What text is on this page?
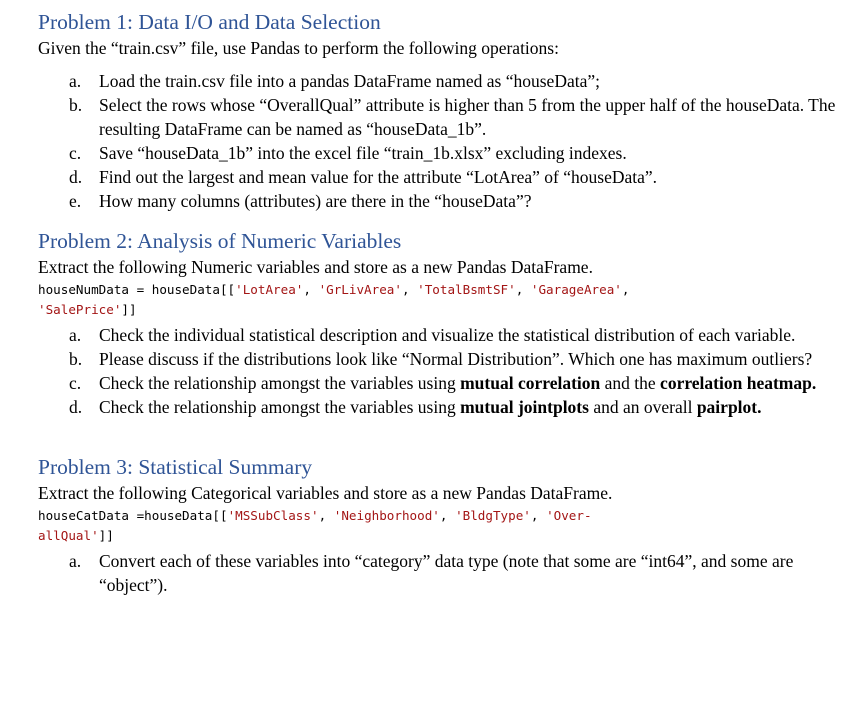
Problem 1: Data I/O and Data Selection

Given the “train.csv” file, use Pandas to perform the following operations:

a. Load the train.csv file into a pandas DataFrame named as “houseData”;
b. Select the rows whose “OverallQual” attribute is higher than 5 from the upper half of the houseData. The resulting DataFrame can be named as “houseData_1b”.
c. Save “houseData_1b” into the excel file “train_1b.xlsx” excluding indexes.
d. Find out the largest and mean value for the attribute “LotArea” of “houseData”.
e. How many columns (attributes) are there in the “houseData”?
Problem 2: Analysis of Numeric Variables

Extract the following Numeric variables and store as a new Pandas DataFrame.

houseNumData = houseData[['LotArea', 'GrLivArea', 'TotalBsmtSF', 'GarageArea',
'SalePrice']]
a. Check the individual statistical description and visualize the statistical distribution of each variable.
b. Please discuss if the distributions look like “Normal Distribution”. Which one has maximum outliers?
c. Check the relationship amongst the variables using mutual correlation and the correlation heatmap.
d. Check the relationship amongst the variables using mutual jointplots and an overall pairplot.
Problem 3: Statistical Summary

Extract the following Categorical variables and store as a new Pandas DataFrame.

houseCatData =houseData[['MSSubClass', 'Neighborhood', 'BldgType', 'Over-
allQual']]
a. Convert each of these variables into “category” data type (note that some are “int64”, and some are “object”).
